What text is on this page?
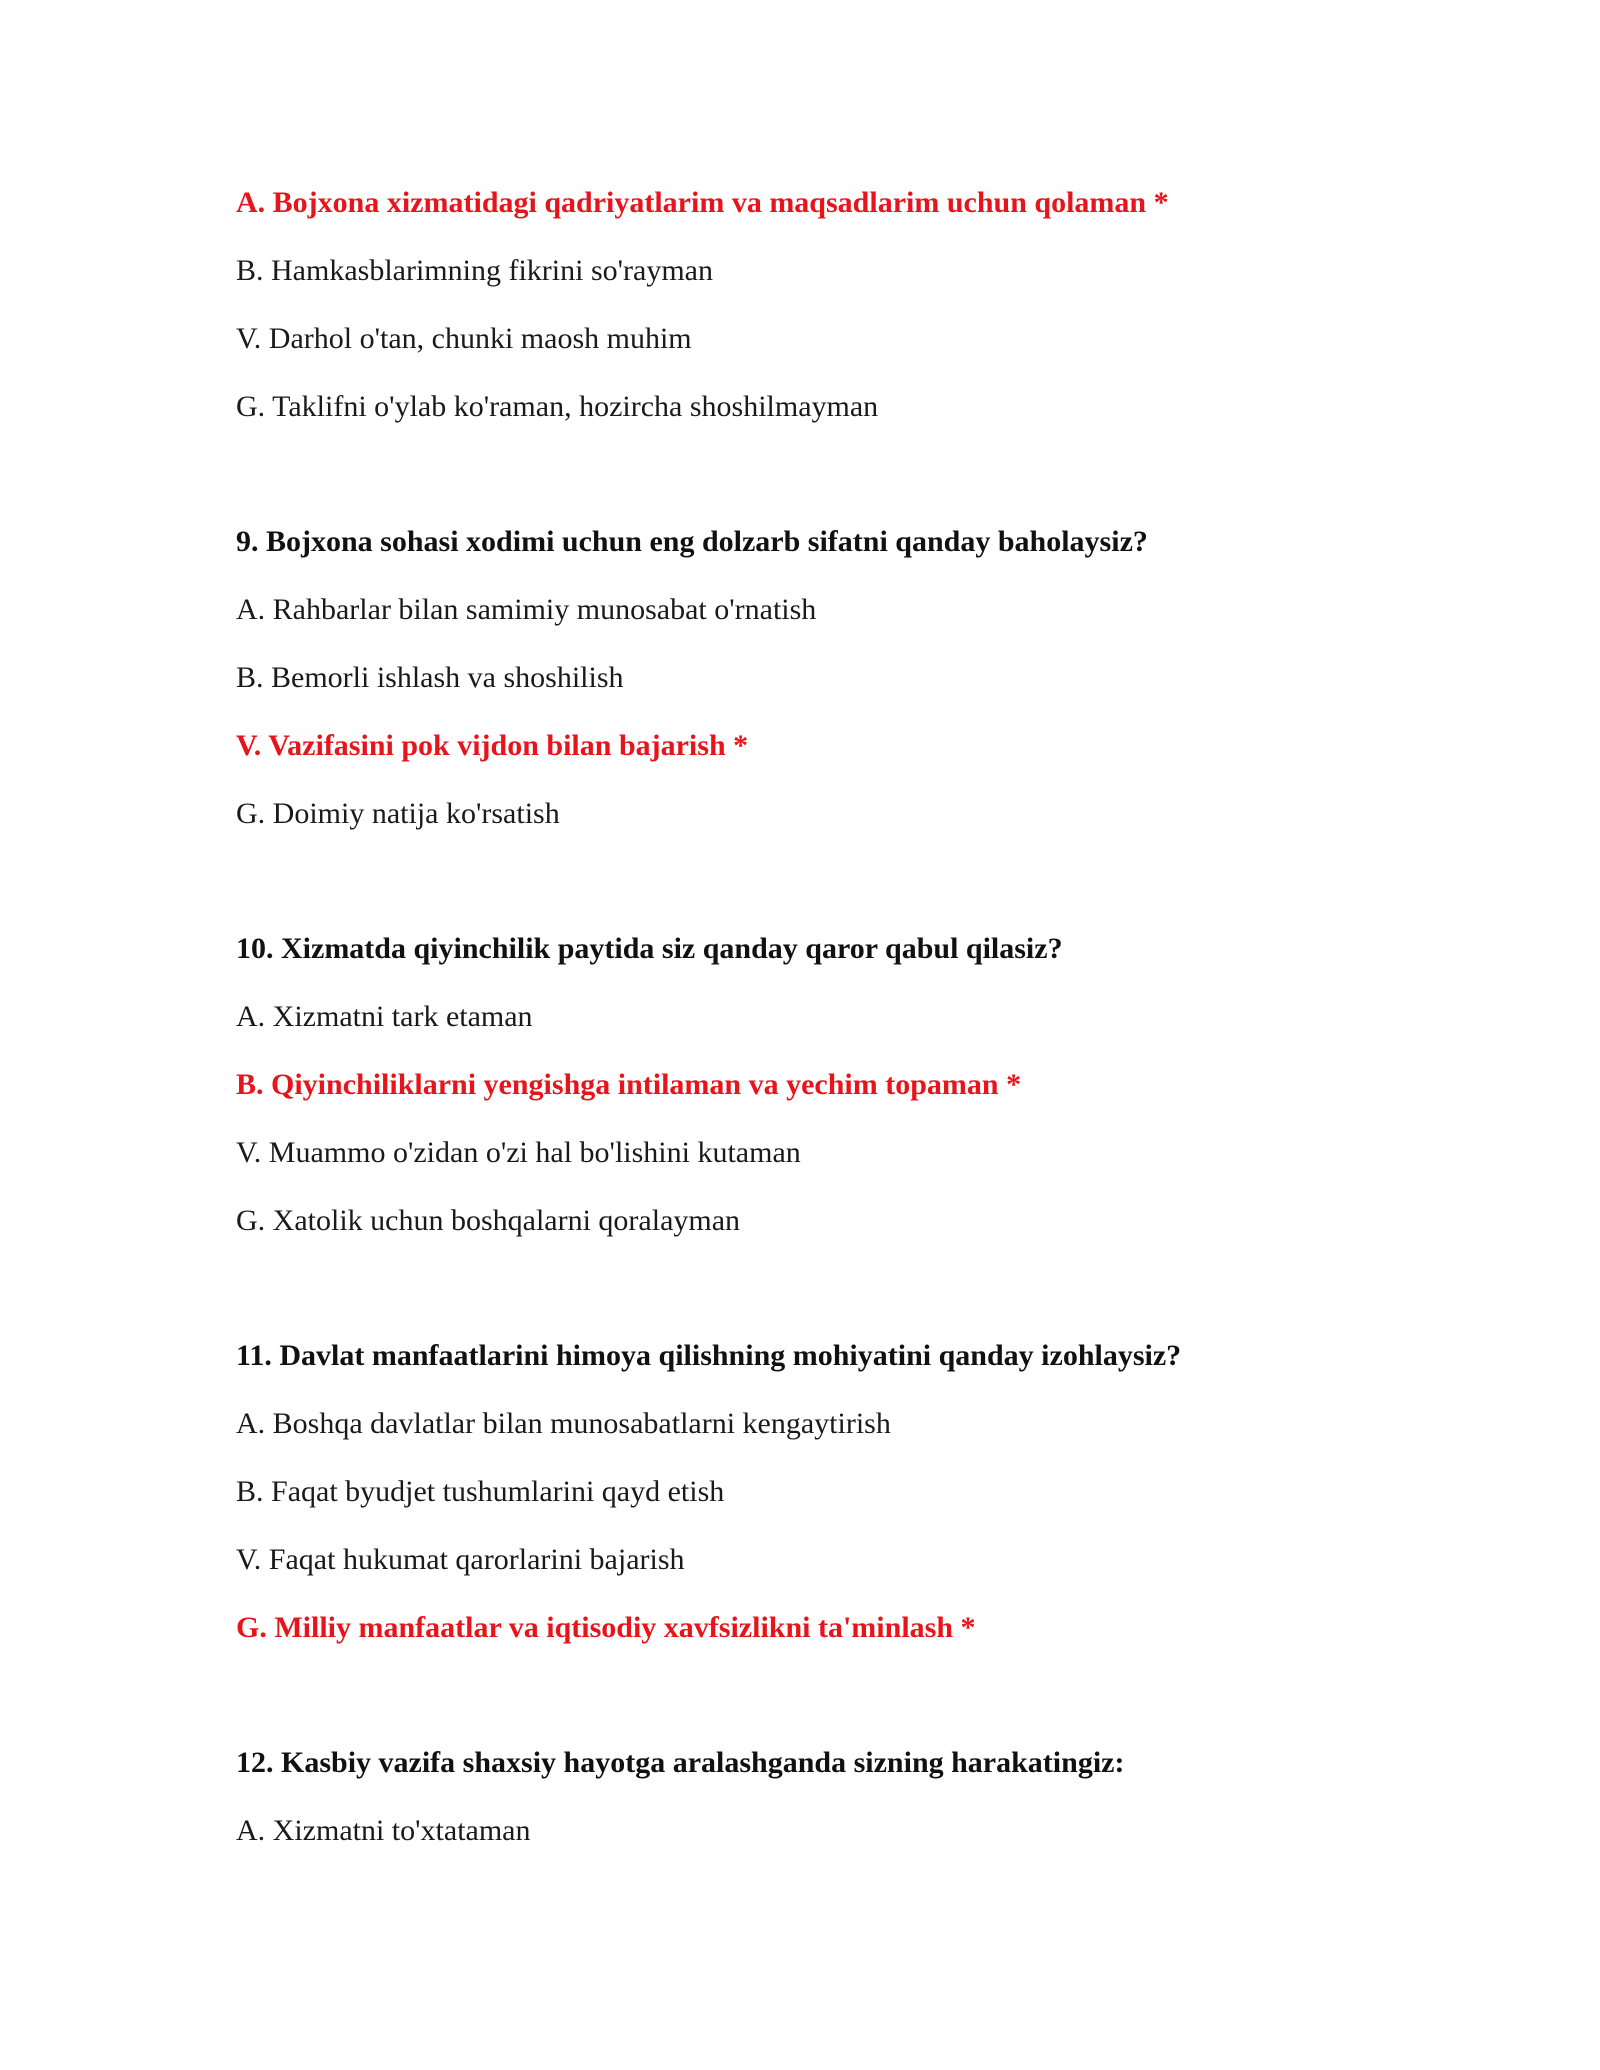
A. Bojxona xizmatidagi qadriyatlarim va maqsadlarim uchun qolaman *
B. Hamkasblarimning fikrini so'rayman
V. Darhol o'tan, chunki maosh muhim
G. Taklifni o'ylab ko'raman, hozircha shoshilmayman
9. Bojxona sohasi xodimi uchun eng dolzarb sifatni qanday baholaysiz?
A. Rahbarlar bilan samimiy munosabat o'rnatish
B. Bemorli ishlash va shoshilish
V. Vazifasini pok vijdon bilan bajarish *
G. Doimiy natija ko'rsatish
10. Xizmatda qiyinchilik paytida siz qanday qaror qabul qilasiz?
A. Xizmatni tark etaman
B. Qiyinchiliklarni yengishga intilaman va yechim topaman *
V. Muammo o'zidan o'zi hal bo'lishini kutaman
G. Xatolik uchun boshqalarni qoralayman
11. Davlat manfaatlarini himoya qilishning mohiyatini qanday izohlaysiz?
A. Boshqa davlatlar bilan munosabatlarni kengaytirish
B. Faqat byudjet tushumlarini qayd etish
V. Faqat hukumat qarorlarini bajarish
G. Milliy manfaatlar va iqtisodiy xavfsizlikni ta'minlash *
12. Kasbiy vazifa shaxsiy hayotga aralashganda sizning harakatingiz:
A. Xizmatni to'xtataman
